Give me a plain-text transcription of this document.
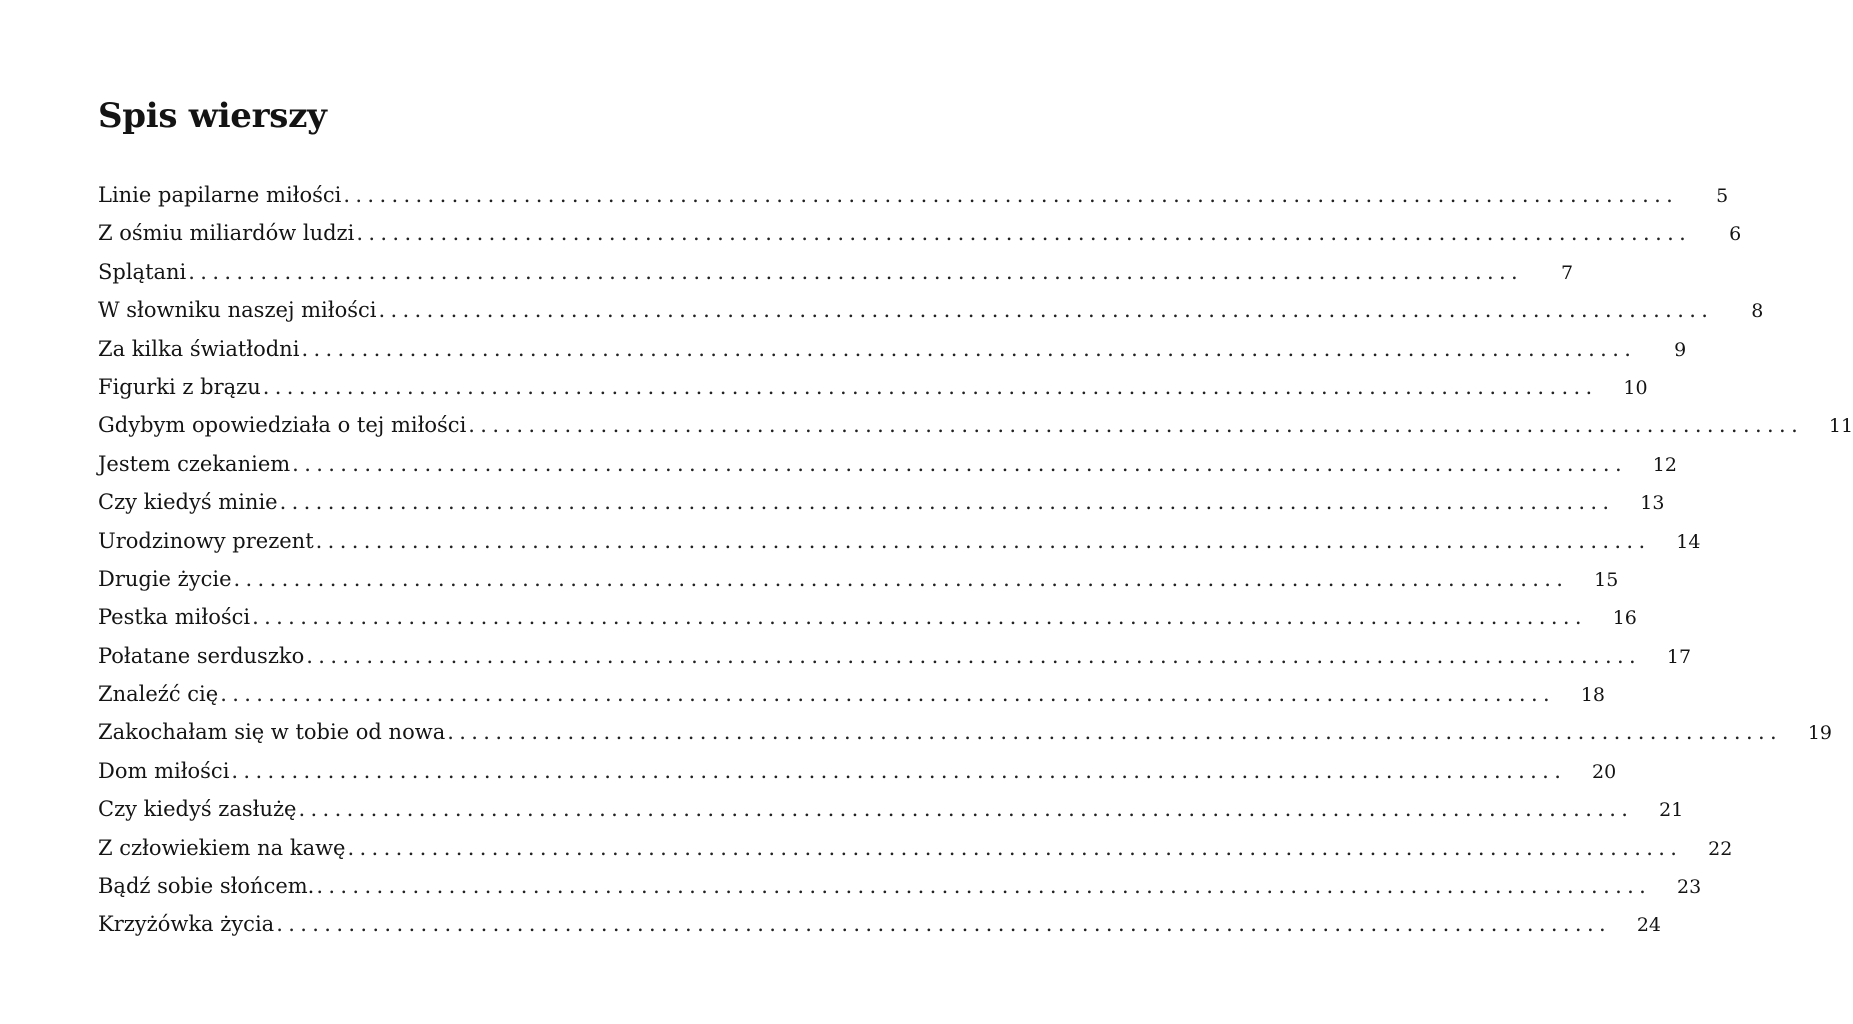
Spis wierszy
Linie papilarne miłości ...............................................................................................................	5
Z ośmiu miliardów ludzi ...............................................................................................................	6
Splątani ...............................................................................................................	7
W słowniku naszej miłości ...............................................................................................................	8
Za kilka światłodni ...............................................................................................................	9
Figurki z brązu ...............................................................................................................	10
Gdybym opowiedziała o tej miłości ...............................................................................................................	11
Jestem czekaniem ...............................................................................................................	12
Czy kiedyś minie ...............................................................................................................	13
Urodzinowy prezent ...............................................................................................................	14
Drugie życie ...............................................................................................................	15
Pestka miłości ...............................................................................................................	16
Połatane serduszko ...............................................................................................................	17
Znaleźć cię ...............................................................................................................	18
Zakochałam się w tobie od nowa ...............................................................................................................	19
Dom miłości ...............................................................................................................	20
Czy kiedyś zasłużę ...............................................................................................................	21
Z człowiekiem na kawę ...............................................................................................................	22
Bądź sobie słońcem. ...............................................................................................................	23
Krzyżówka życia ...............................................................................................................	24
